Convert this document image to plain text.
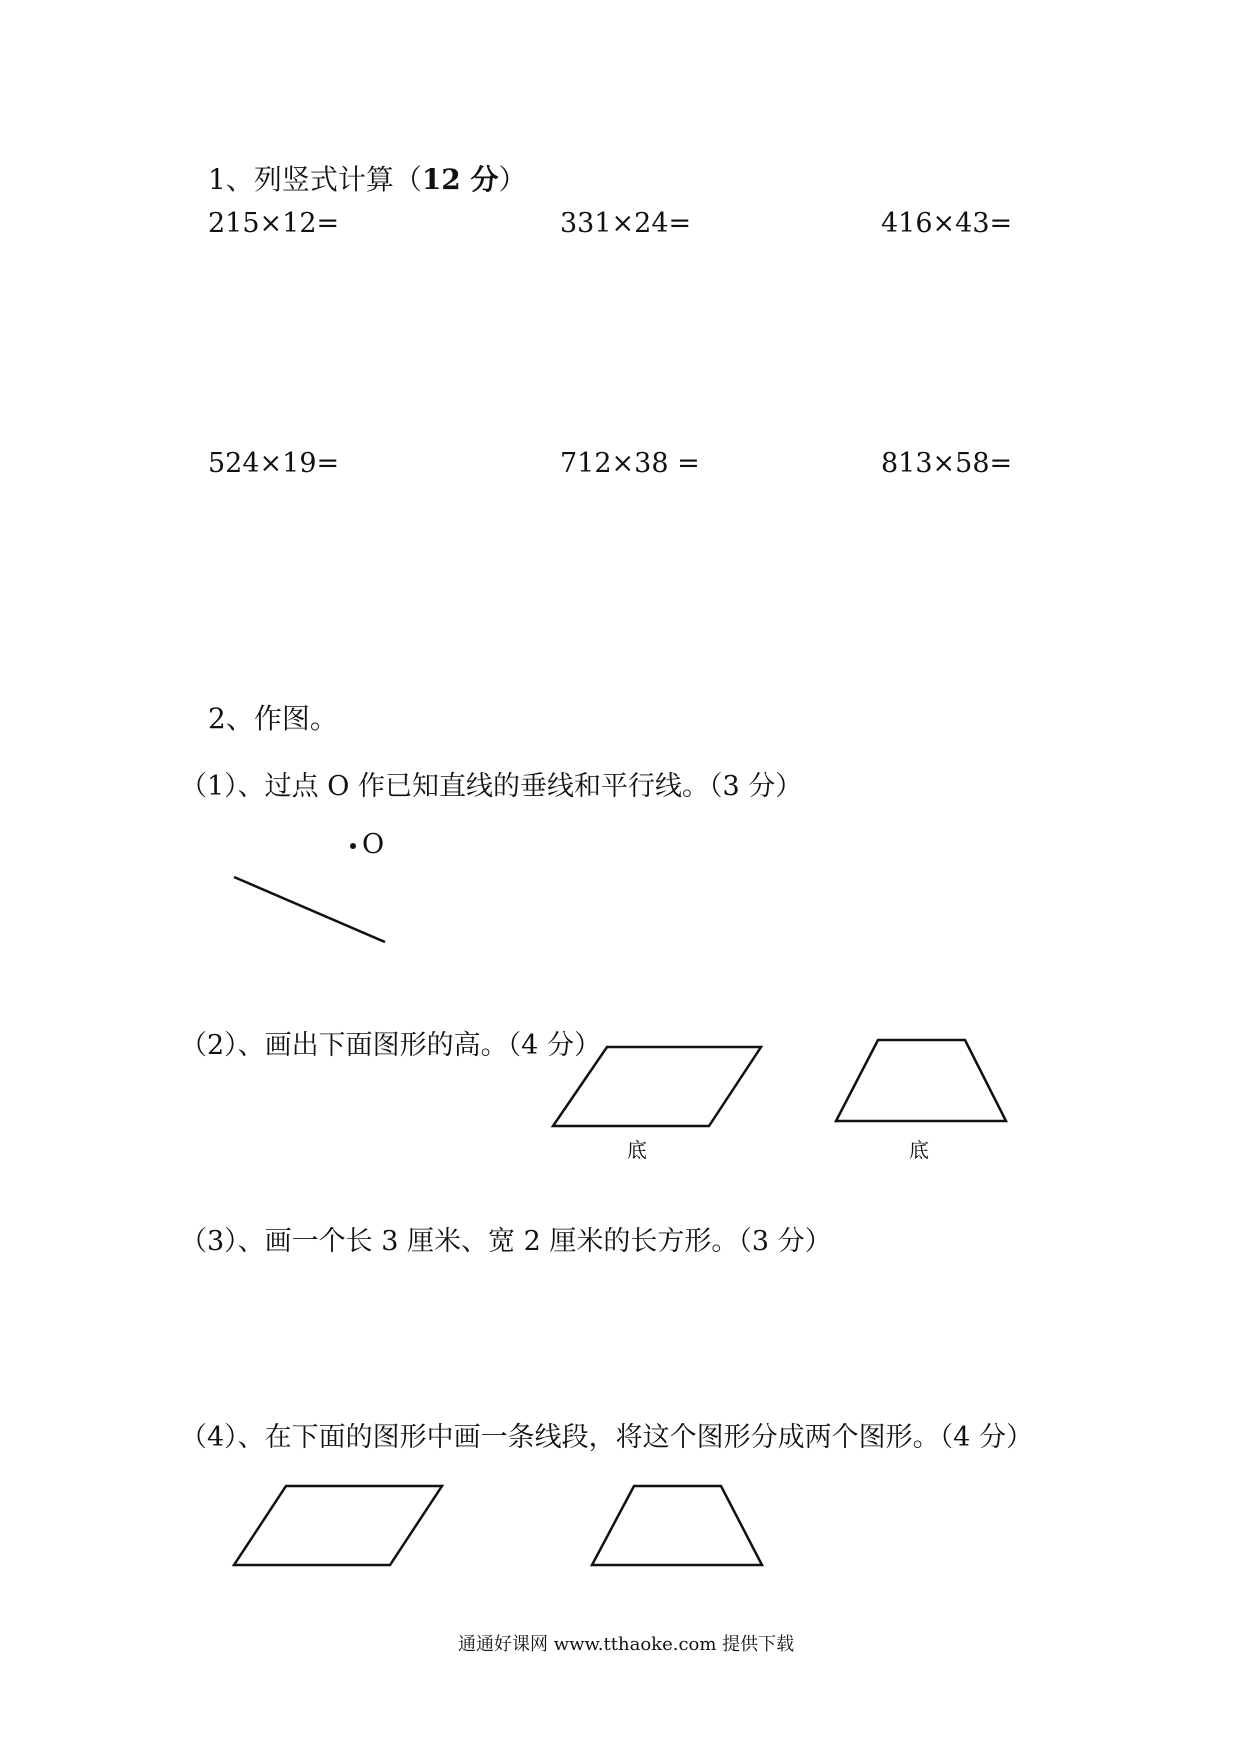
1、列竖式计算（12 分）
215×12=	331×24=	416×43=
524×19=	712×38 =	813×58=
2、作图。
（1）、过点 O 作已知直线的垂线和平行线。（3 分）
O
（2）、画出下面图形的高。（4 分）
底	底
（3）、画一个长 3 厘米、宽 2 厘米的长方形。（3 分）
（4）、在下面的图形中画一条线段，将这个图形分成两个图形。（4 分）
通通好课网 www.tthaoke.com 提供下载
